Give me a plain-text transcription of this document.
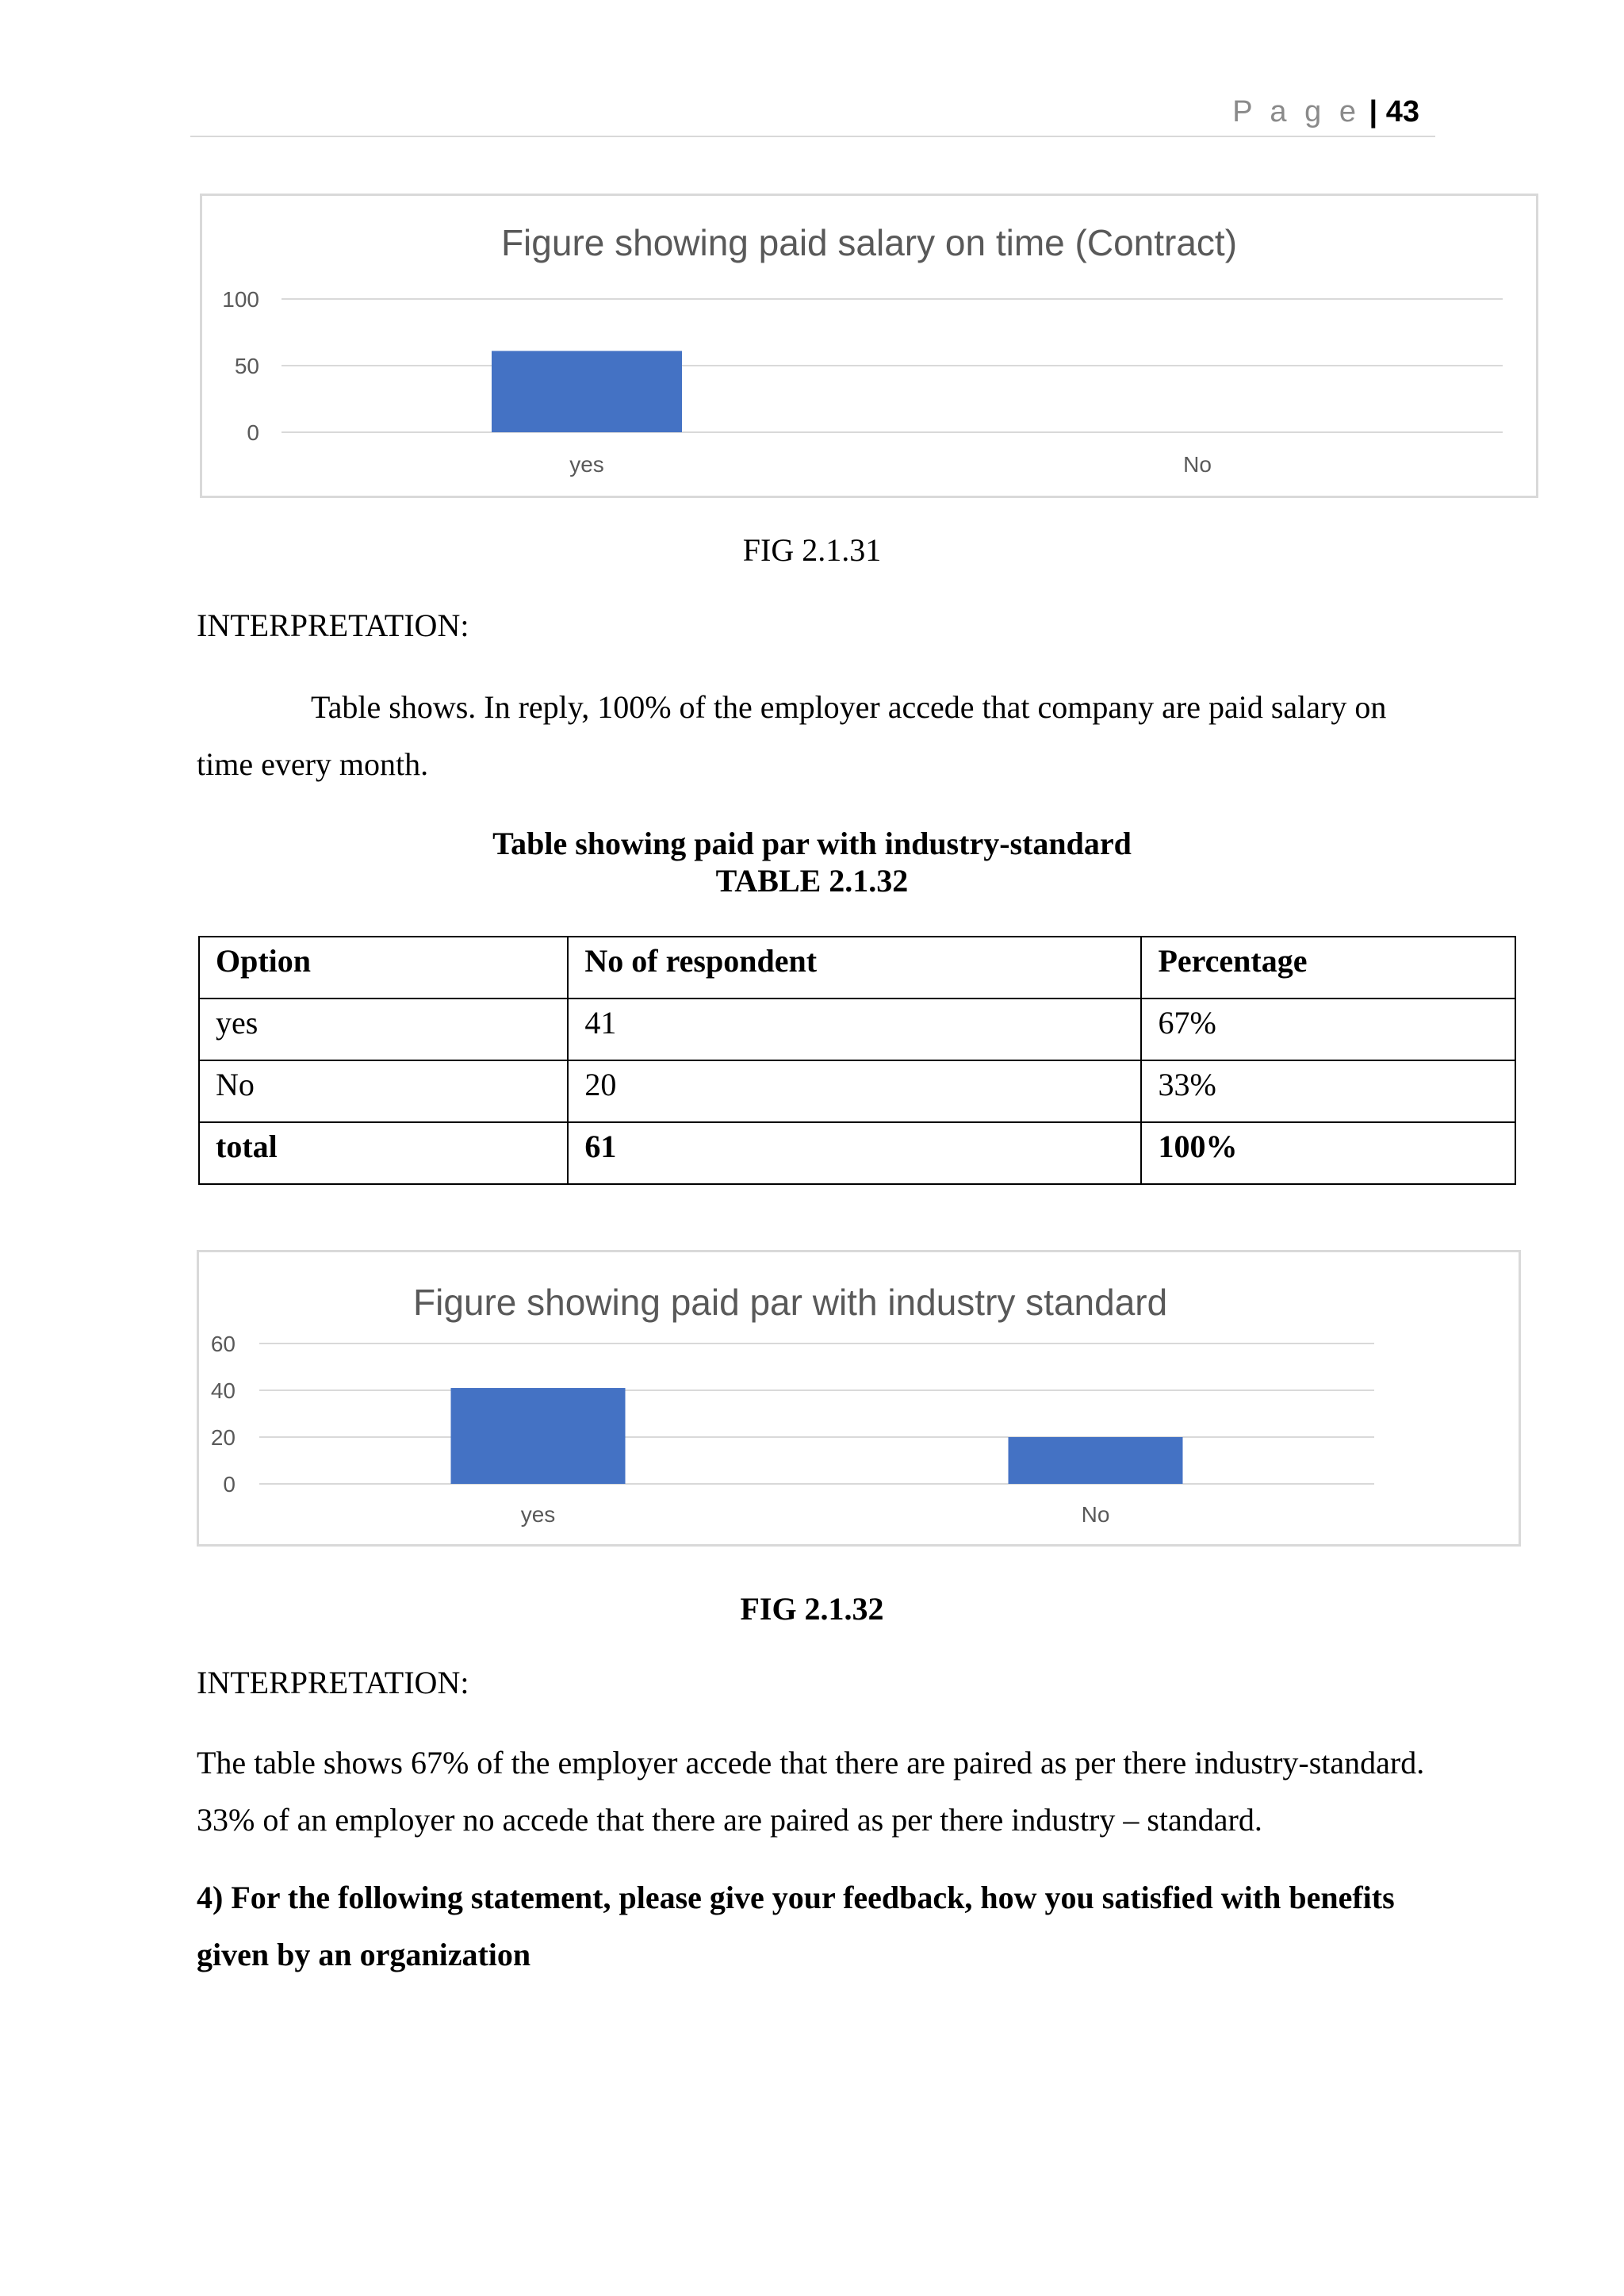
P a g e | 43
Figure showing paid salary on time (Contract)
0
50
100
yes	No
FIG 2.1.31
INTERPRETATION:
Table shows. In reply, 100% of the employer accede that company are paid salary on time every month.
Table showing paid par with industry-standard
TABLE 2.1.32
Option	No of respondent	Percentage
yes	41	67%
No	20	33%
total	61	100%
Figure showing paid par with industry standard
0
20
40
60
yes	No
FIG 2.1.32
INTERPRETATION:
The table shows 67% of the employer accede that there are paired as per there industry-standard. 33% of an employer no accede that there are paired as per there industry – standard.
4) For the following statement, please give your feedback, how you satisfied with benefits given by an organization
